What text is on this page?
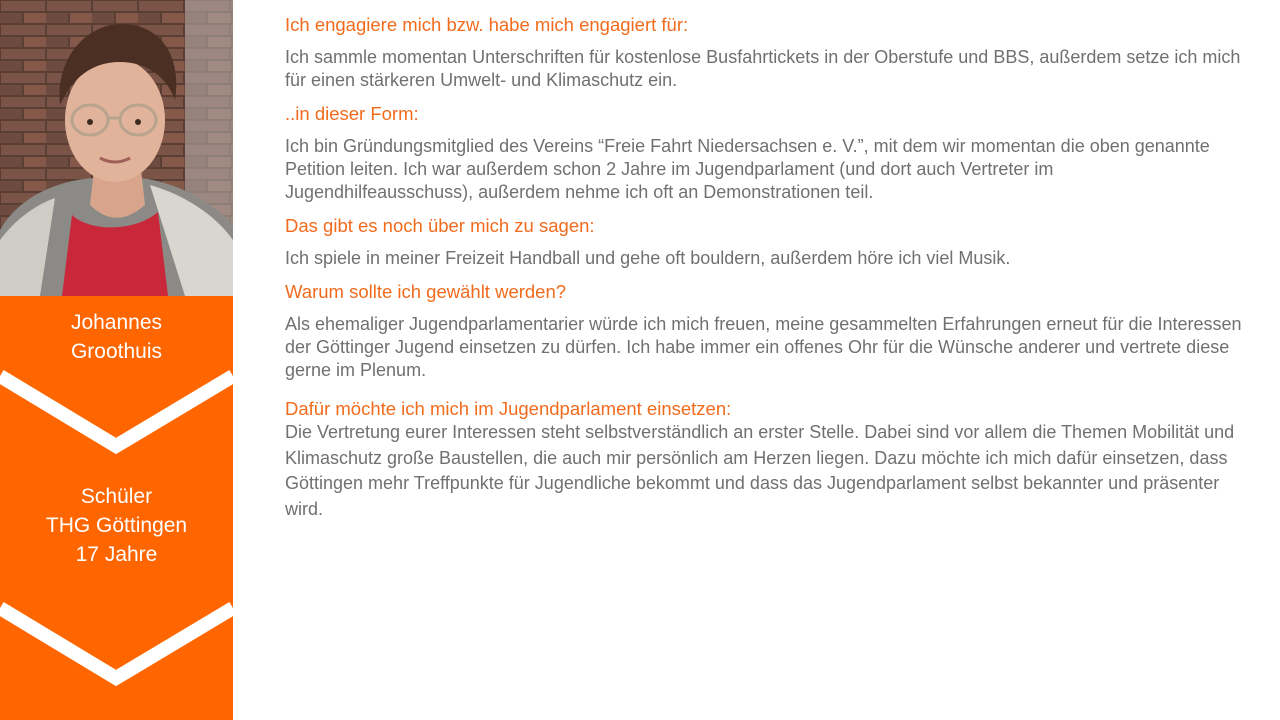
Johannes
Groothuis
Schüler
THG Göttingen
17 Jahre
Ich engagiere mich bzw. habe mich engagiert für:
Ich sammle momentan Unterschriften für kostenlose Busfahrtickets in der Oberstufe und BBS, außerdem setze ich mich für einen stärkeren Umwelt- und Klimaschutz ein.
..in dieser Form:
Ich bin Gründungsmitglied des Vereins “Freie Fahrt Niedersachsen e. V.”, mit dem wir momentan die oben genannte Petition leiten. Ich war außerdem schon 2 Jahre im Jugendparlament (und dort auch Vertreter im Jugendhilfeausschuss), außerdem nehme ich oft an Demonstrationen teil.
Das gibt es noch über mich zu sagen:
Ich spiele in meiner Freizeit Handball und gehe oft bouldern, außerdem höre ich viel Musik.
Warum sollte ich gewählt werden?
Als ehemaliger Jugendparlamentarier würde ich mich freuen, meine gesammelten Erfahrungen erneut für die Interessen der Göttinger Jugend einsetzen zu dürfen. Ich habe immer ein offenes Ohr für die Wünsche anderer und vertrete diese gerne im Plenum.
Dafür möchte ich mich im Jugendparlament einsetzen:
Die Vertretung eurer Interessen steht selbstverständlich an erster Stelle. Dabei sind vor allem die Themen Mobilität und Klimaschutz große Baustellen, die auch mir persönlich am Herzen liegen. Dazu möchte ich mich dafür einsetzen, dass Göttingen mehr Treffpunkte für Jugendliche bekommt und dass das Jugendparlament selbst bekannter und präsenter wird.
